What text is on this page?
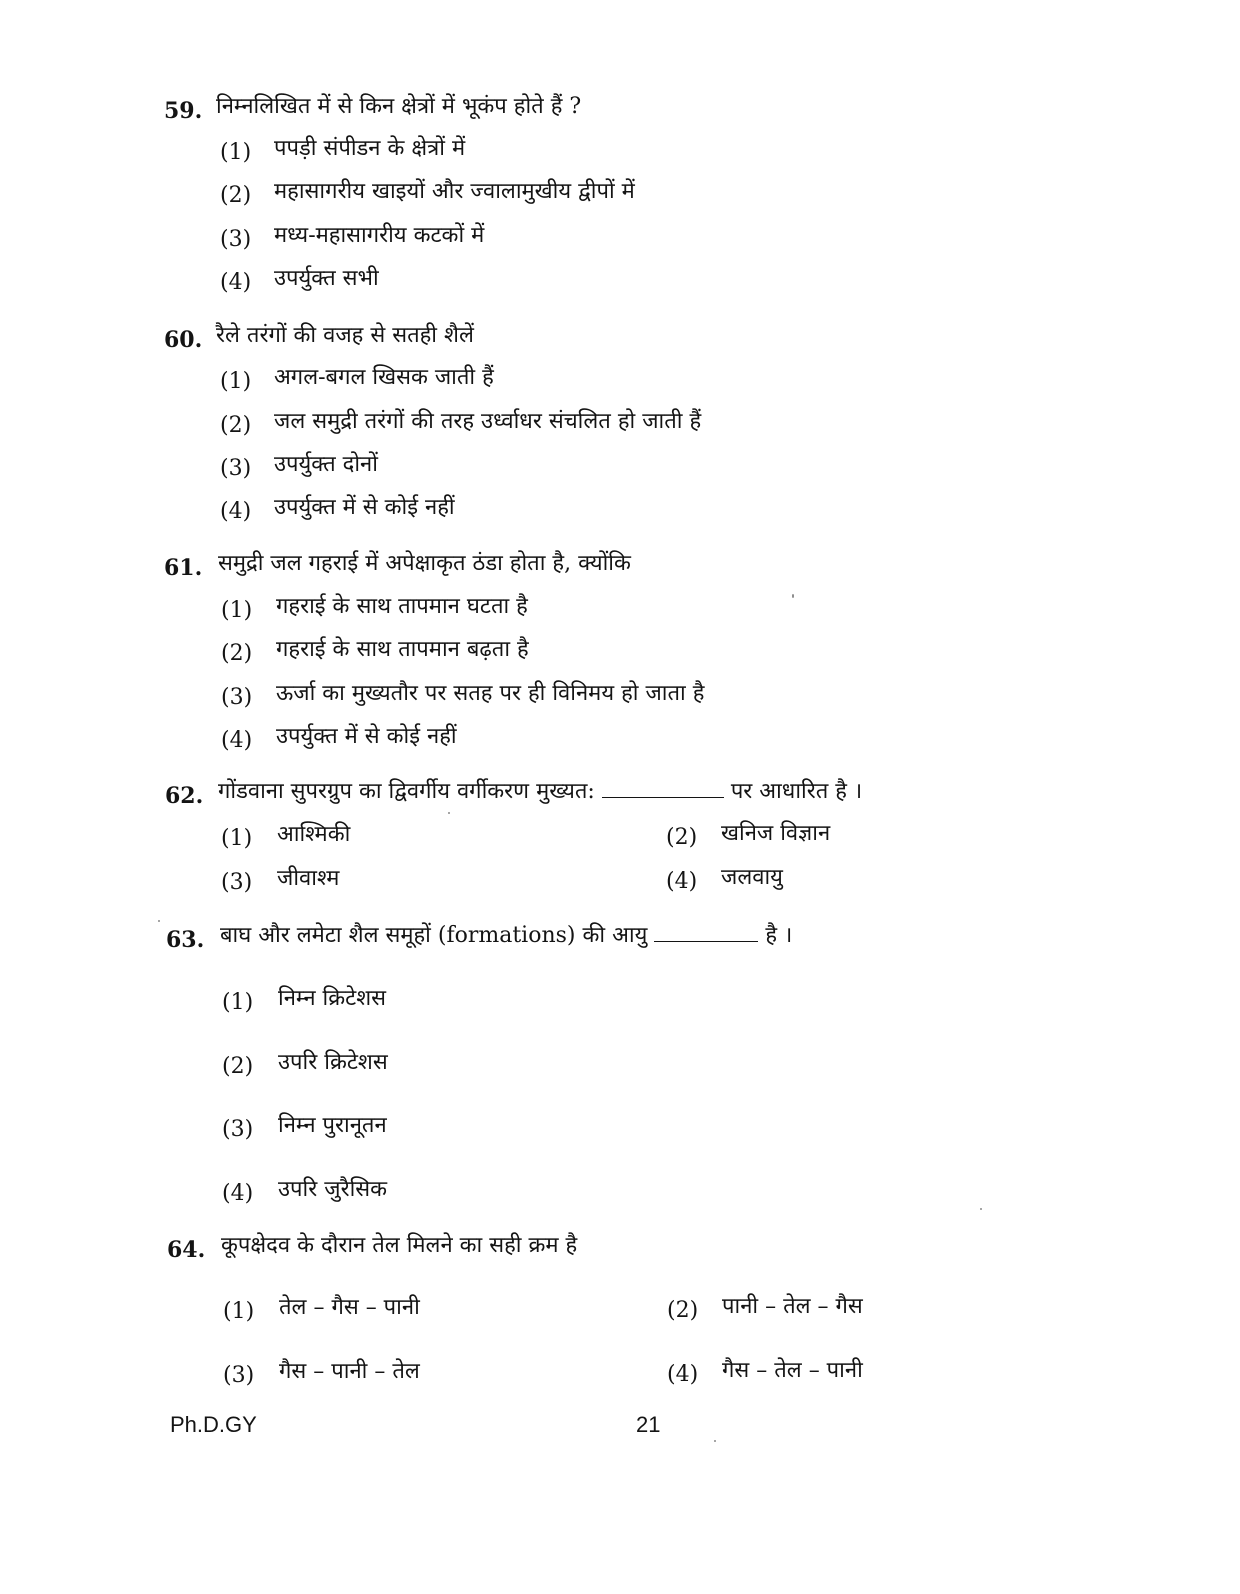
59. निम्नलिखित में से किन क्षेत्रों में भूकंप होते हैं ?
(1) पपड़ी संपीडन के क्षेत्रों में
(2) महासागरीय खाइयों और ज्वालामुखीय द्वीपों में
(3) मध्य-महासागरीय कटकों में
(4) उपर्युक्त सभी
60. रैले तरंगों की वजह से सतही शैलें
(1) अगल-बगल खिसक जाती हैं
(2) जल समुद्री तरंगों की तरह उर्ध्वाधर संचलित हो जाती हैं
(3) उपर्युक्त दोनों
(4) उपर्युक्त में से कोई नहीं
61. समुद्री जल गहराई में अपेक्षाकृत ठंडा होता है, क्योंकि
(1) गहराई के साथ तापमान घटता है
(2) गहराई के साथ तापमान बढ़ता है
(3) ऊर्जा का मुख्यतौर पर सतह पर ही विनिमय हो जाता है
(4) उपर्युक्त में से कोई नहीं
62. गोंडवाना सुपरग्रुप का द्विवर्गीय वर्गीकरण मुख्यत:	पर आधारित है ।
(1) आश्मिकी	(2) खनिज विज्ञान
(3) जीवाश्म	(4) जलवायु
63. बाघ और लमेटा शैल समूहों (formations) की आयु	है ।
(1) निम्न क्रिटेशस
(2) उपरि क्रिटेशस
(3) निम्न पुरानूतन
(4) उपरि जुरैसिक
64. कूपक्षेदव के दौरान तेल मिलने का सही क्रम है
(1) तेल – गैस – पानी	(2) पानी – तेल – गैस
(3) गैस – पानी – तेल	(4) गैस – तेल – पानी
Ph.D.GY	21
